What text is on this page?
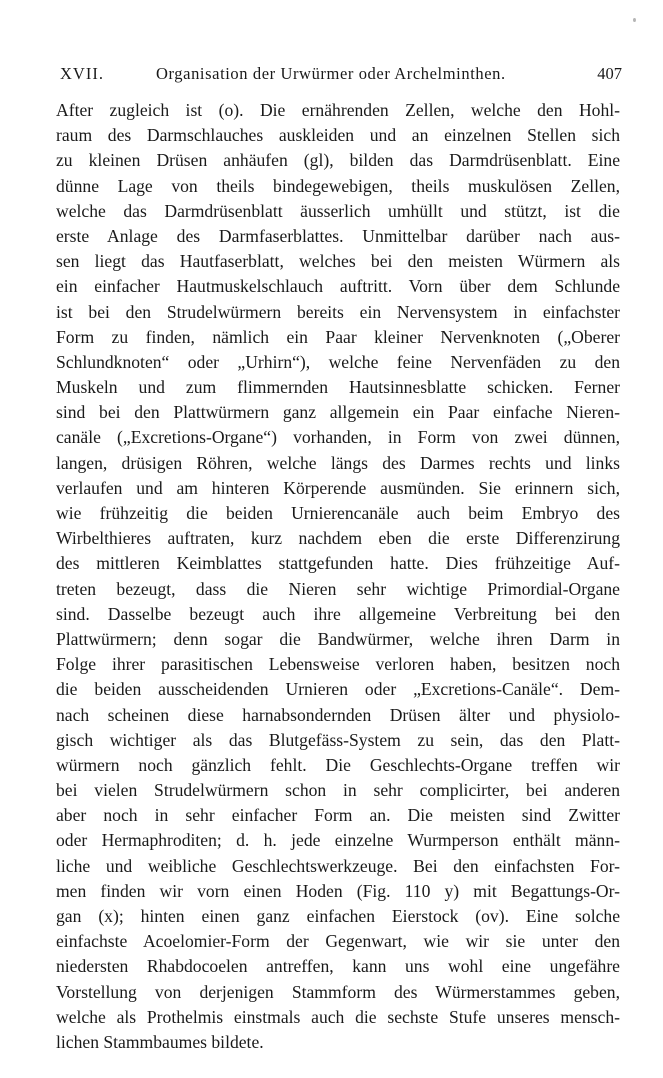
XVII.	Organisation der Urwürmer oder Archelminthen.	407
After zugleich ist (o). Die ernährenden Zellen, welche den Hohl-
raum des Darmschlauches auskleiden und an einzelnen Stellen sich
zu kleinen Drüsen anhäufen (gl), bilden das Darmdrüsenblatt. Eine
dünne Lage von theils bindegewebigen, theils muskulösen Zellen,
welche das Darmdrüsenblatt äusserlich umhüllt und stützt, ist die
erste Anlage des Darmfaserblattes. Unmittelbar darüber nach aus-
sen liegt das Hautfaserblatt, welches bei den meisten Würmern als
ein einfacher Hautmuskelschlauch auftritt. Vorn über dem Schlunde
ist bei den Strudelwürmern bereits ein Nervensystem in einfachster
Form zu finden, nämlich ein Paar kleiner Nervenknoten („Oberer
Schlundknoten“ oder „Urhirn“), welche feine Nervenfäden zu den
Muskeln und zum flimmernden Hautsinnesblatte schicken. Ferner
sind bei den Plattwürmern ganz allgemein ein Paar einfache Nieren-
canäle („Excretions-Organe“) vorhanden, in Form von zwei dünnen,
langen, drüsigen Röhren, welche längs des Darmes rechts und links
verlaufen und am hinteren Körperende ausmünden. Sie erinnern sich,
wie frühzeitig die beiden Urnierencanäle auch beim Embryo des
Wirbelthieres auftraten, kurz nachdem eben die erste Differenzirung
des mittleren Keimblattes stattgefunden hatte. Dies frühzeitige Auf-
treten bezeugt, dass die Nieren sehr wichtige Primordial-Organe
sind. Dasselbe bezeugt auch ihre allgemeine Verbreitung bei den
Plattwürmern; denn sogar die Bandwürmer, welche ihren Darm in
Folge ihrer parasitischen Lebensweise verloren haben, besitzen noch
die beiden ausscheidenden Urnieren oder „Excretions-Canäle“. Dem-
nach scheinen diese harnabsondernden Drüsen älter und physiolo-
gisch wichtiger als das Blutgefäss-System zu sein, das den Platt-
würmern noch gänzlich fehlt. Die Geschlechts-Organe treffen wir
bei vielen Strudelwürmern schon in sehr complicirter, bei anderen
aber noch in sehr einfacher Form an. Die meisten sind Zwitter
oder Hermaphroditen; d. h. jede einzelne Wurmperson enthält männ-
liche und weibliche Geschlechtswerkzeuge. Bei den einfachsten For-
men finden wir vorn einen Hoden (Fig. 110 y) mit Begattungs-Or-
gan (x); hinten einen ganz einfachen Eierstock (ov). Eine solche
einfachste Acoelomier-Form der Gegenwart, wie wir sie unter den
niedersten Rhabdocoelen antreffen, kann uns wohl eine ungefähre
Vorstellung von derjenigen Stammform des Würmerstammes geben,
welche als Prothelmis einstmals auch die sechste Stufe unseres mensch-
lichen Stammbaumes bildete.
